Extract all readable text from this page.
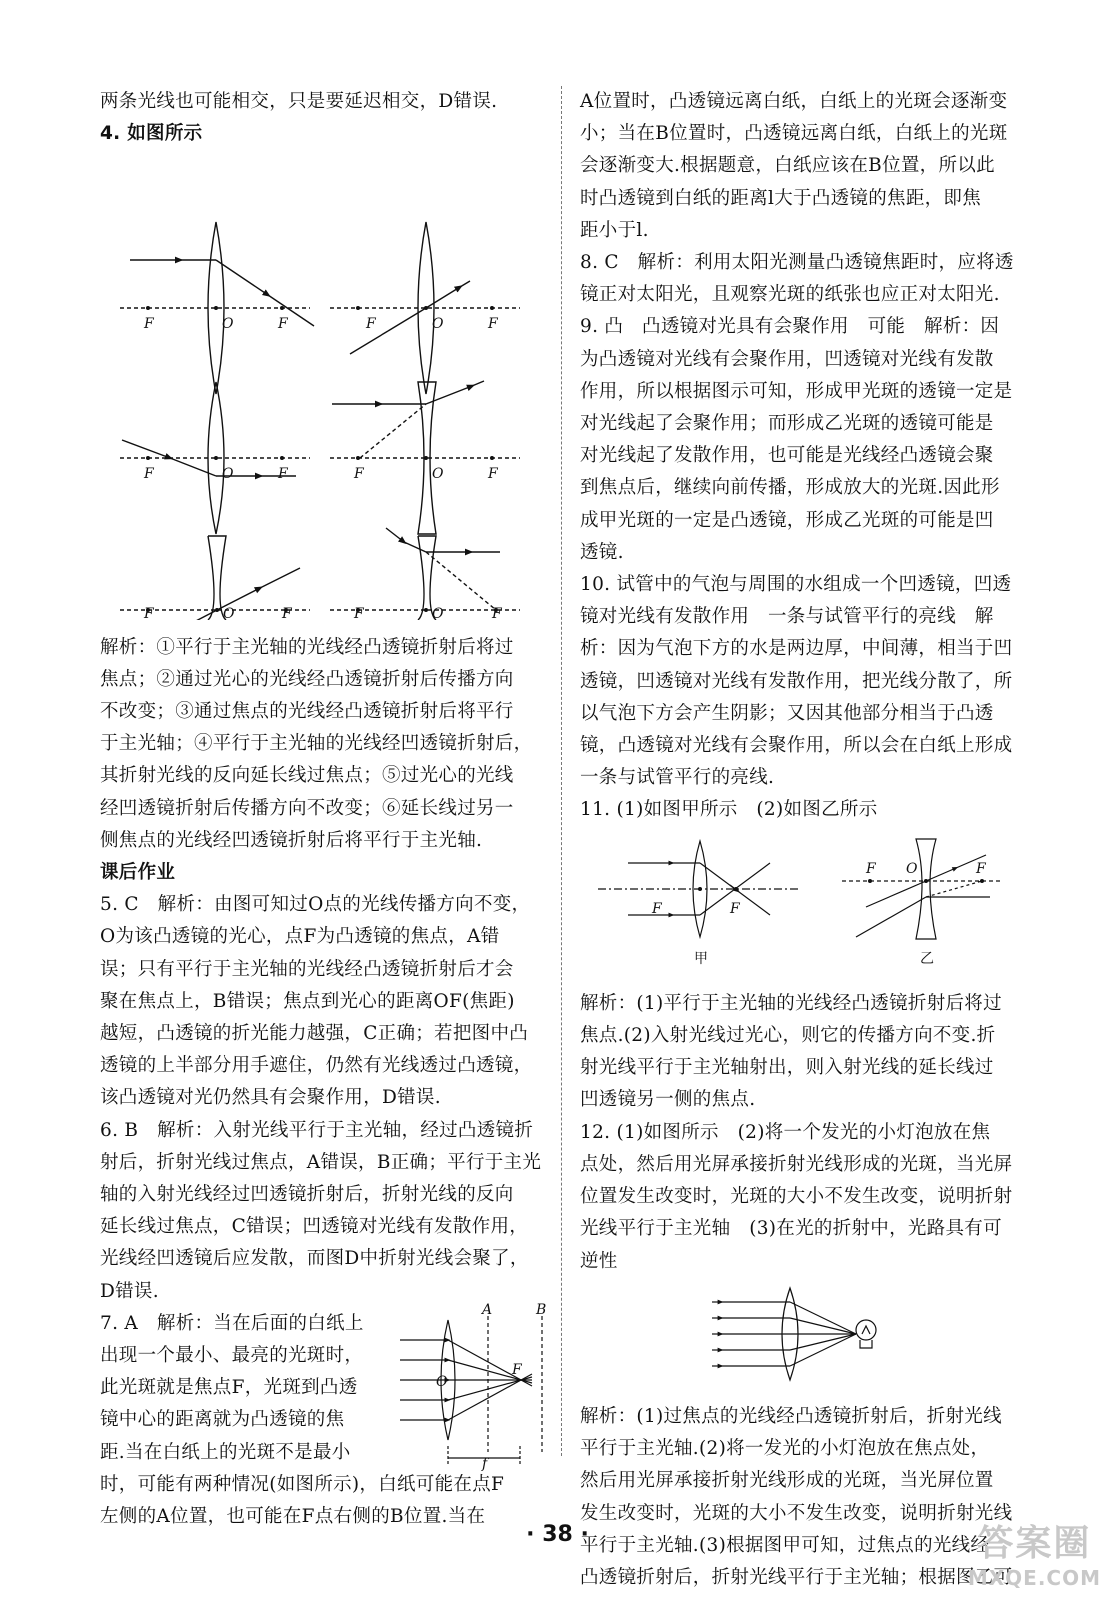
两条光线也可能相交，只是要延迟相交，D错误.
4. 如图所示
F	O	F	F	O	F
F	O	F	F	O	F
F	O	F	F	O	F
解析：①平行于主光轴的光线经凸透镜折射后将过
焦点；②通过光心的光线经凸透镜折射后传播方向
不改变；③通过焦点的光线经凸透镜折射后将平行
于主光轴；④平行于主光轴的光线经凹透镜折射后，
其折射光线的反向延长线过焦点；⑤过光心的光线
经凹透镜折射后传播方向不改变；⑥延长线过另一
侧焦点的光线经凹透镜折射后将平行于主光轴.
课后作业
5. C　解析：由图可知过O点的光线传播方向不变，
O为该凸透镜的光心，点F为凸透镜的焦点，A错
误；只有平行于主光轴的光线经凸透镜折射后才会
聚在焦点上，B错误；焦点到光心的距离OF(焦距)
越短，凸透镜的折光能力越强，C正确；若把图中凸
透镜的上半部分用手遮住，仍然有光线透过凸透镜，
该凸透镜对光仍然具有会聚作用，D错误.
6. B　解析：入射光线平行于主光轴，经过凸透镜折
射后，折射光线过焦点，A错误，B正确；平行于主光
轴的入射光线经过凹透镜折射后，折射光线的反向
延长线过焦点，C错误；凹透镜对光线有发散作用，
光线经凹透镜后应发散，而图D中折射光线会聚了，
D错误.
7. A　解析：当在后面的白纸上
出现一个最小、最亮的光斑时，
此光斑就是焦点F，光斑到凸透
镜中心的距离就为凸透镜的焦
距.当在白纸上的光斑不是最小
A	B
O
F
f
时，可能有两种情况(如图所示)，白纸可能在点F
左侧的A位置，也可能在F点右侧的B位置.当在
A位置时，凸透镜远离白纸，白纸上的光斑会逐渐变
小；当在B位置时，凸透镜远离白纸，白纸上的光斑
会逐渐变大.根据题意，白纸应该在B位置，所以此
时凸透镜到白纸的距离l大于凸透镜的焦距，即焦
距小于l.
8. C　解析：利用太阳光测量凸透镜焦距时，应将透
镜正对太阳光，且观察光斑的纸张也应正对太阳光.
9. 凸　凸透镜对光具有会聚作用　可能　解析：因
为凸透镜对光线有会聚作用，凹透镜对光线有发散
作用，所以根据图示可知，形成甲光斑的透镜一定是
对光线起了会聚作用；而形成乙光斑的透镜可能是
对光线起了发散作用，也可能是光线经凸透镜会聚
到焦点后，继续向前传播，形成放大的光斑.因此形
成甲光斑的一定是凸透镜，形成乙光斑的可能是凹
透镜.
10. 试管中的气泡与周围的水组成一个凹透镜，凹透
镜对光线有发散作用　一条与试管平行的亮线　解
析：因为气泡下方的水是两边厚，中间薄，相当于凹
透镜，凹透镜对光线有发散作用，把光线分散了，所
以气泡下方会产生阴影；又因其他部分相当于凸透
镜，凸透镜对光线有会聚作用，所以会在白纸上形成
一条与试管平行的亮线.
11. (1)如图甲所示　(2)如图乙所示
F	F
F O	F
甲	乙
解析：(1)平行于主光轴的光线经凸透镜折射后将过
焦点.(2)入射光线过光心，则它的传播方向不变.折
射光线平行于主光轴射出，则入射光线的延长线过
凹透镜另一侧的焦点.
12. (1)如图所示　(2)将一个发光的小灯泡放在焦
点处，然后用光屏承接折射光线形成的光斑，当光屏
位置发生改变时，光斑的大小不发生改变，说明折射
光线平行于主光轴　(3)在光的折射中，光路具有可
逆性
解析：(1)过焦点的光线经凸透镜折射后，折射光线
平行于主光轴.(2)将一发光的小灯泡放在焦点处，
然后用光屏承接折射光线形成的光斑，当光屏位置
发生改变时，光斑的大小不发生改变，说明折射光线
平行于主光轴.(3)根据图甲可知，过焦点的光线经
凸透镜折射后，折射光线平行于主光轴；根据图乙可
· 38 ·	答案圈
MXQE.COM
